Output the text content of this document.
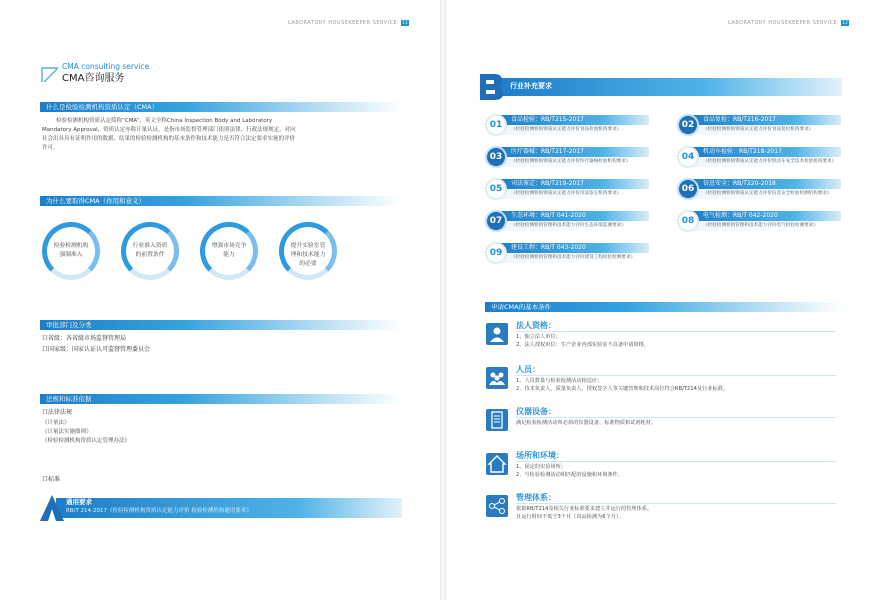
LABORATORY HOUSEKEEPER SERVICE 11
CMA consulting service
CMA咨询服务
什么是检验检测机构资质认定（CMA）
检验检测机构资质认定简称“CMA”，英文全称China Inspection Body and Laboratory
Mandatory Approval，资质认定亦称计量认证，是指市场监督管理部门依照法律、行政法规规定，对向
社会出具具有证明作用的数据、结果的检验检测机构的基本条件和技术能力是否符合法定要求实施的评价
许可。
为什么要取得CMA（作用和意义）
检验检测机构强制准入
行业准入资质的前置条件
增强市场竞争能力
提升实验室管理和技术能力的必要
审批部门及分类
口省级：各省级市场监督管理局
口国家级：国家认证认可监督管理委员会
法规和标准依据
口法律法规
《计量法》
《计量法实施细则》
《检验检测机构资质认定管理办法》
口标准
通用要求
RB/T 214-2017《检验检测机构资质认定能力评价 检验检测机构通用要求》
LABORATORY HOUSEKEEPER SERVICE 12
行业补充要求
01
食品检验：RB/T215-2017
《检验检测机构资质认定能力评价食品检验机构要求》	02
食品复检：RB/T216-2017
《检验检测机构资质认定能力评价食品复检机构要求》
03
医疗器械：RB/T217-2017
《检验检测机构资质认定能力评价医疗器械检验机构要求》	04
机动车检验：RB/T218-2017
《检验检测机构资质认定能力评价机动车安全技术检验机构要求》
05
司法鉴定：RB/T219-2017
《检验检测机构资质认定能力评价司法鉴定机构要求》	06
信息安全：RB/T220-2018
《检验检测机构资质认定能力评价信息安全检验检测机构要求》
07
生态环境：RB/T 041-2020
《检验检测机构管理和技术能力评价生态环境监测要求》	08
电气检测：RB/T 042-2020
《检验检测机构管理和技术能力评价电气检验检测要求》
09
建设工程：RB/T 043-2020
《检验检测机构管理和技术能力评价建设工程检验检测要求》
申请CMA的基本条件
法人资格：
1、独立法人单位；
2、法人授权单位：生产企业内部实验室不具备申请资格。
人员：
1、人员数量与检验检测活动相适应；
2、技术负责人、质量负责人、授权签字人等关键管理和技术岗位符合RB/T214及行业标准。
仪器设备：
满足检验检测活动所必须的仪器设备、标准物质和试剂耗材。
场所和环境：
1、固定的实验场所；
2、与检验检测活动相匹配的设施和环境条件。
管理体系：
依据RB/T214及相关行业标准要求建立并运行的管理体系。
且运行时间不低于3个月（食品检测为6个月）。
